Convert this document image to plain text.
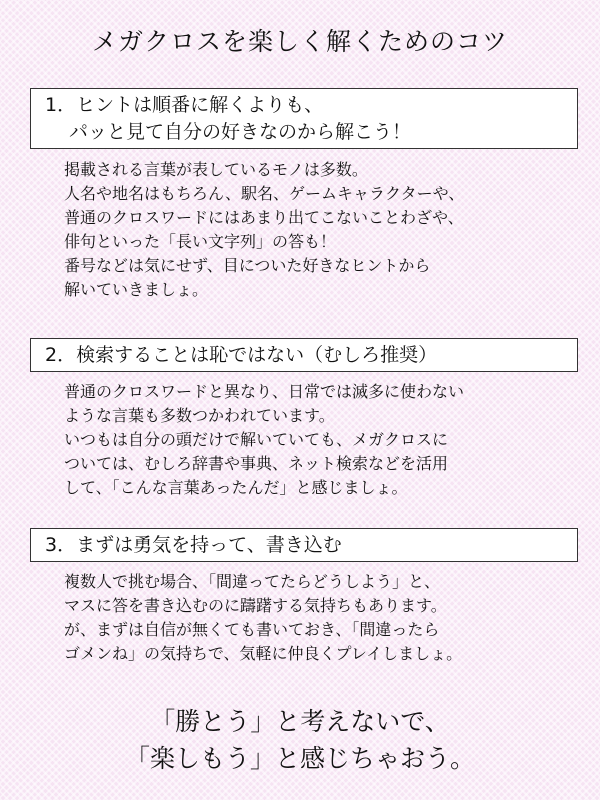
メガクロスを楽しく解くためのコツ
1．ヒントは順番に解くよりも、
パッと見て自分の好きなのから解こう！
掲載される言葉が表しているモノは多数。
人名や地名はもちろん、駅名、ゲームキャラクターや、
普通のクロスワードにはあまり出てこないことわざや、
俳句といった「長い文字列」の答も！
番号などは気にせず、目についた好きなヒントから
解いていきましょ。
2．検索することは恥ではない（むしろ推奨）
普通のクロスワードと異なり、日常では滅多に使わない
ような言葉も多数つかわれています。
いつもは自分の頭だけで解いていても、メガクロスに
ついては、むしろ辞書や事典、ネット検索などを活用
して、「こんな言葉あったんだ」と感じましょ。
3．まずは勇気を持って、書き込む
複数人で挑む場合、「間違ってたらどうしよう」と、
マスに答を書き込むのに躊躇する気持ちもあります。
が、まずは自信が無くても書いておき、「間違ったら
ゴメンね」の気持ちで、気軽に仲良くプレイしましょ。
「勝とう」と考えないで、
「楽しもう」と感じちゃおう。
